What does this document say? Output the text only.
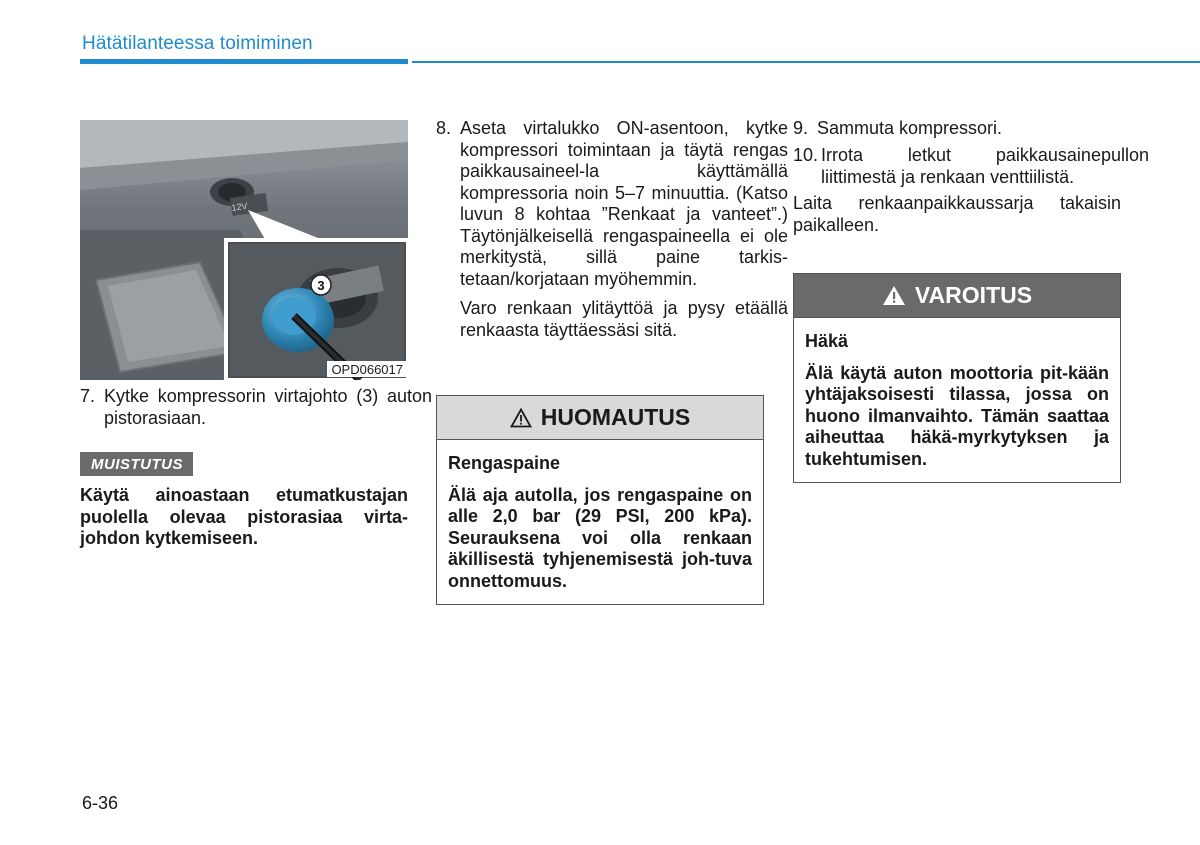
Hätätilanteessa toimiminen
12V
3
OPD066017
7. Kytke kompressorin virtajohto (3) auton pistorasiaan.
MUISTUTUS
Käytä ainoastaan etumatkustajan puolella olevaa pistorasiaa virta-johdon kytkemiseen.
8. Aseta virtalukko ON-asentoon, kytke kompressori toimintaan ja täytä rengas paikkausaineel-la käyttämällä kompressoria noin 5–7 minuuttia. (Katso luvun 8 kohtaa ”Renkaat ja vanteet”.) Täytönjälkeisellä rengaspaineella ei ole merkitystä, sillä paine tarkis-tetaan/korjataan myöhemmin.
Varo renkaan ylitäyttöä ja pysy etäällä renkaasta täyttäessäsi sitä.
HUOMAUTUS
Rengaspaine
Älä aja autolla, jos rengaspaine on alle 2,0 bar (29 PSI, 200 kPa). Seurauksena voi olla renkaan äkillisestä tyhjenemisestä joh-tuva onnettomuus.
9. Sammuta kompressori.
10. Irrota letkut paikkausainepullon liittimestä ja renkaan venttiilistä.
Laita renkaanpaikkaussarja takaisin paikalleen.
VAROITUS
Häkä
Älä käytä auton moottoria pit-kään yhtäjaksoisesti tilassa, jossa on huono ilmanvaihto. Tämän saattaa aiheuttaa häkä-myrkytyksen ja tukehtumisen.
6-36
